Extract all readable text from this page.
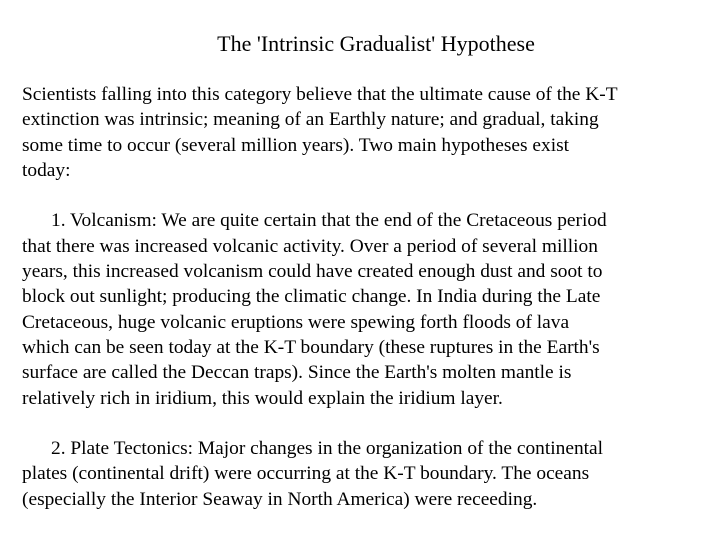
The 'Intrinsic Gradualist' Hypothese

Scientists falling into this category believe that the ultimate cause of the K-T
extinction was intrinsic; meaning of an Earthly nature; and gradual, taking
some time to occur (several million years). Two main hypotheses exist
today:

1. Volcanism: We are quite certain that the end of the Cretaceous period
that there was increased volcanic activity. Over a period of several million
years, this increased volcanism could have created enough dust and soot to
block out sunlight; producing the climatic change. In India during the Late
Cretaceous, huge volcanic eruptions were spewing forth floods of lava
which can be seen today at the K-T boundary (these ruptures in the Earth's
surface are called the Deccan traps). Since the Earth's molten mantle is
relatively rich in iridium, this would explain the iridium layer.

2. Plate Tectonics: Major changes in the organization of the continental
plates (continental drift) were occurring at the K-T boundary. The oceans
(especially the Interior Seaway in North America) were receeding.
